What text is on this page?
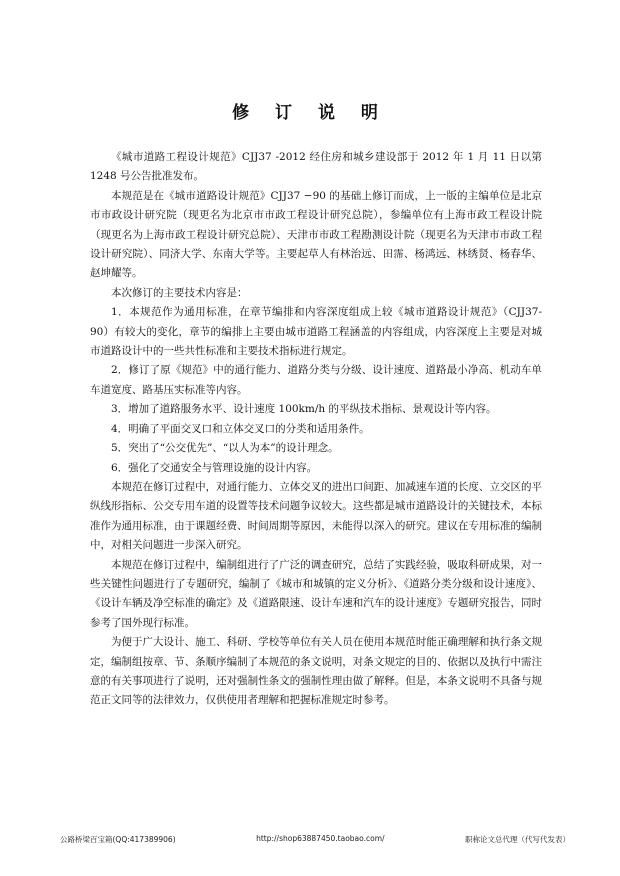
修 订 说 明

《城市道路工程设计规范》CJJ37 -2012 经住房和城乡建设部于 2012 年 1 月 11 日以第 1248 号公告批准发布。

本规范是在《城市道路设计规范》CJJ37 −90 的基础上修订而成，上一版的主编单位是北京市市政设计研究院（现更名为北京市市政工程设计研究总院），参编单位有上海市政工程设计院（现更名为上海市政工程设计研究总院）、天津市市政工程勘测设计院（现更名为天津市市政工程设计研究院）、同济大学、东南大学等。主要起草人有林治远、田霈、杨鸿远、林绣贤、杨春华、赵坤耀等。

本次修订的主要技术内容是：

1．本规范作为通用标准，在章节编排和内容深度组成上较《城市道路设计规范》（CJJ37-90）有较大的变化，章节的编排上主要由城市道路工程涵盖的内容组成，内容深度上主要是对城市道路设计中的一些共性标准和主要技术指标进行规定。

2．修订了原《规范》中的通行能力、道路分类与分级、设计速度、道路最小净高、机动车单车道宽度、路基压实标准等内容。

3．增加了道路服务水平、设计速度 100km/h 的平纵技术指标、景观设计等内容。

4．明确了平面交叉口和立体交叉口的分类和适用条件。

5．突出了“公交优先”、“以人为本”的设计理念。

6．强化了交通安全与管理设施的设计内容。

本规范在修订过程中，对通行能力、立体交叉的进出口间距、加减速车道的长度、立交区的平纵线形指标、公交专用车道的设置等技术问题争议较大。这些都是城市道路设计的关键技术，本标准作为通用标准，由于课题经费、时间周期等原因，未能得以深入的研究。建议在专用标准的编制中，对相关问题进一步深入研究。

本规范在修订过程中，编制组进行了广泛的调查研究，总结了实践经验，吸取科研成果，对一些关键性问题进行了专题研究，编制了《城市和城镇的定义分析》、《道路分类分级和设计速度》、《设计车辆及净空标准的确定》及《道路限速、设计车速和汽车的设计速度》专题研究报告，同时参考了国外现行标准。

为便于广大设计、施工、科研、学校等单位有关人员在使用本规范时能正确理解和执行条文规定，编制组按章、节、条顺序编制了本规范的条文说明，对条文规定的目的、依据以及执行中需注意的有关事项进行了说明，还对强制性条文的强制性理由做了解释。但是，本条文说明不具备与规范正文同等的法律效力，仅供使用者理解和把握标准规定时参考。

公路桥梁百宝箱(QQ:417389906)	http://shop63887450.taobao.com/	职称论文总代理（代写代发表）
